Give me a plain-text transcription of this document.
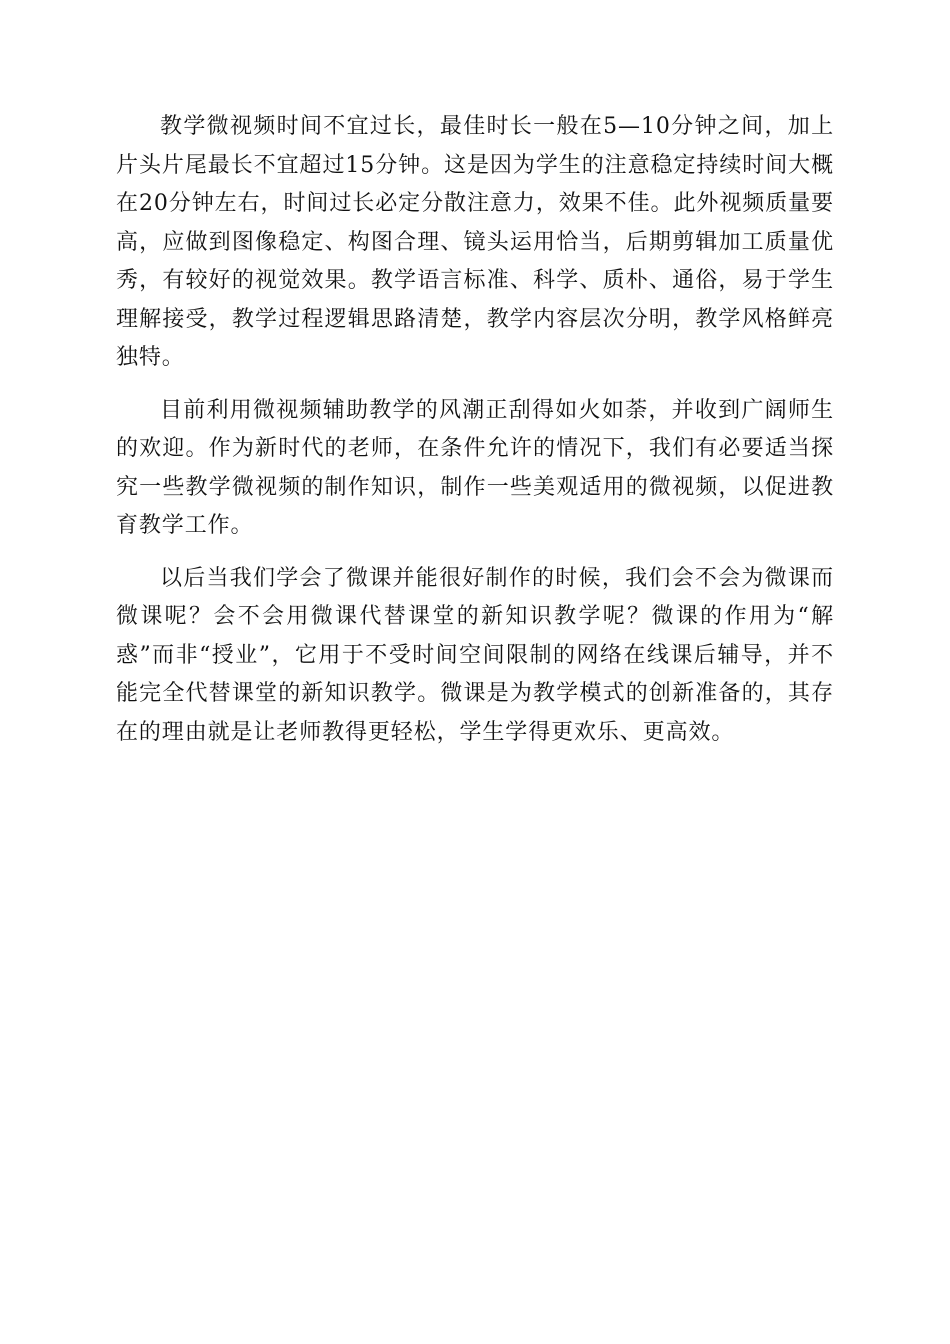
教学微视频时间不宜过长，最佳时长一般在5—10分钟之间，加上片头片尾最长不宜超过15分钟。这是因为学生的注意稳定持续时间大概在20分钟左右，时间过长必定分散注意力，效果不佳。此外视频质量要高，应做到图像稳定、构图合理、镜头运用恰当，后期剪辑加工质量优秀，有较好的视觉效果。教学语言标准、科学、质朴、通俗，易于学生理解接受，教学过程逻辑思路清楚，教学内容层次分明，教学风格鲜亮独特。

目前利用微视频辅助教学的风潮正刮得如火如荼，并收到广阔师生的欢迎。作为新时代的老师，在条件允许的情况下，我们有必要适当探究一些教学微视频的制作知识，制作一些美观适用的微视频，以促进教育教学工作。

以后当我们学会了微课并能很好制作的时候，我们会不会为微课而微课呢？会不会用微课代替课堂的新知识教学呢？微课的作用为“解惑”而非“授业”，它用于不受时间空间限制的网络在线课后辅导，并不能完全代替课堂的新知识教学。微课是为教学模式的创新准备的，其存在的理由就是让老师教得更轻松，学生学得更欢乐、更高效。
